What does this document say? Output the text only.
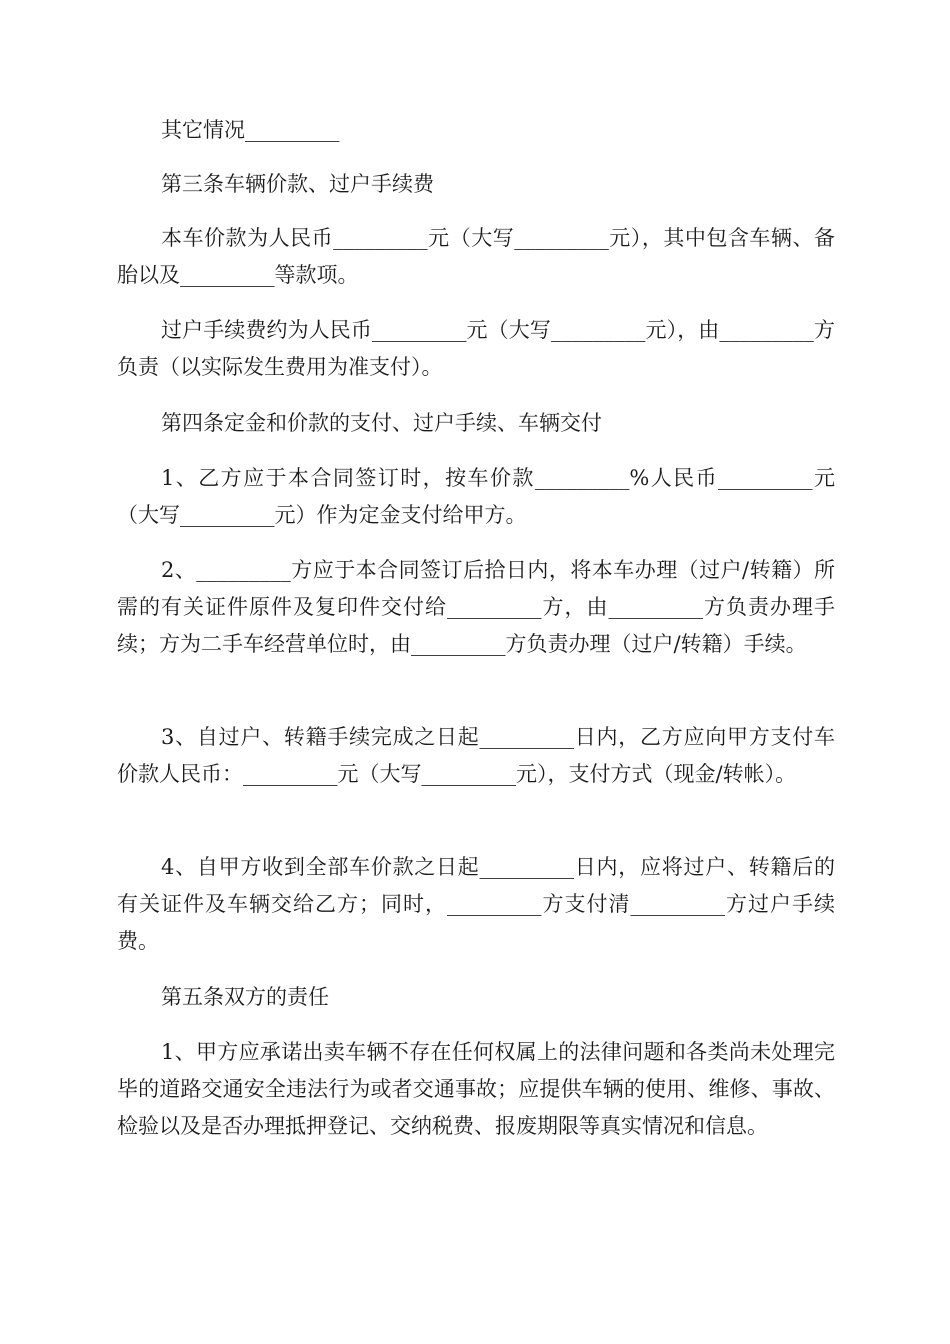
其它情况_________

第三条车辆价款、过户手续费

本车价款为人民币_________元（大写_________元），其中包含车辆、备胎以及_________等款项。

过户手续费约为人民币_________元（大写_________元），由_________方负责（以实际发生费用为准支付）。

第四条定金和价款的支付、过户手续、车辆交付

1、乙方应于本合同签订时，按车价款_________%人民币_________元（大写_________元）作为定金支付给甲方。

2、_________方应于本合同签订后拾日内，将本车办理（过户/转籍）所需的有关证件原件及复印件交付给_________方，由_________方负责办理手续；方为二手车经营单位时，由_________方负责办理（过户/转籍）手续。

3、自过户、转籍手续完成之日起_________日内，乙方应向甲方支付车价款人民币：_________元（大写_________元），支付方式（现金/转帐）。

4、自甲方收到全部车价款之日起_________日内，应将过户、转籍后的有关证件及车辆交给乙方；同时，_________方支付清_________方过户手续费。

第五条双方的责任

1、甲方应承诺出卖车辆不存在任何权属上的法律问题和各类尚未处理完毕的道路交通安全违法行为或者交通事故；应提供车辆的使用、维修、事故、检验以及是否办理抵押登记、交纳税费、报废期限等真实情况和信息。
